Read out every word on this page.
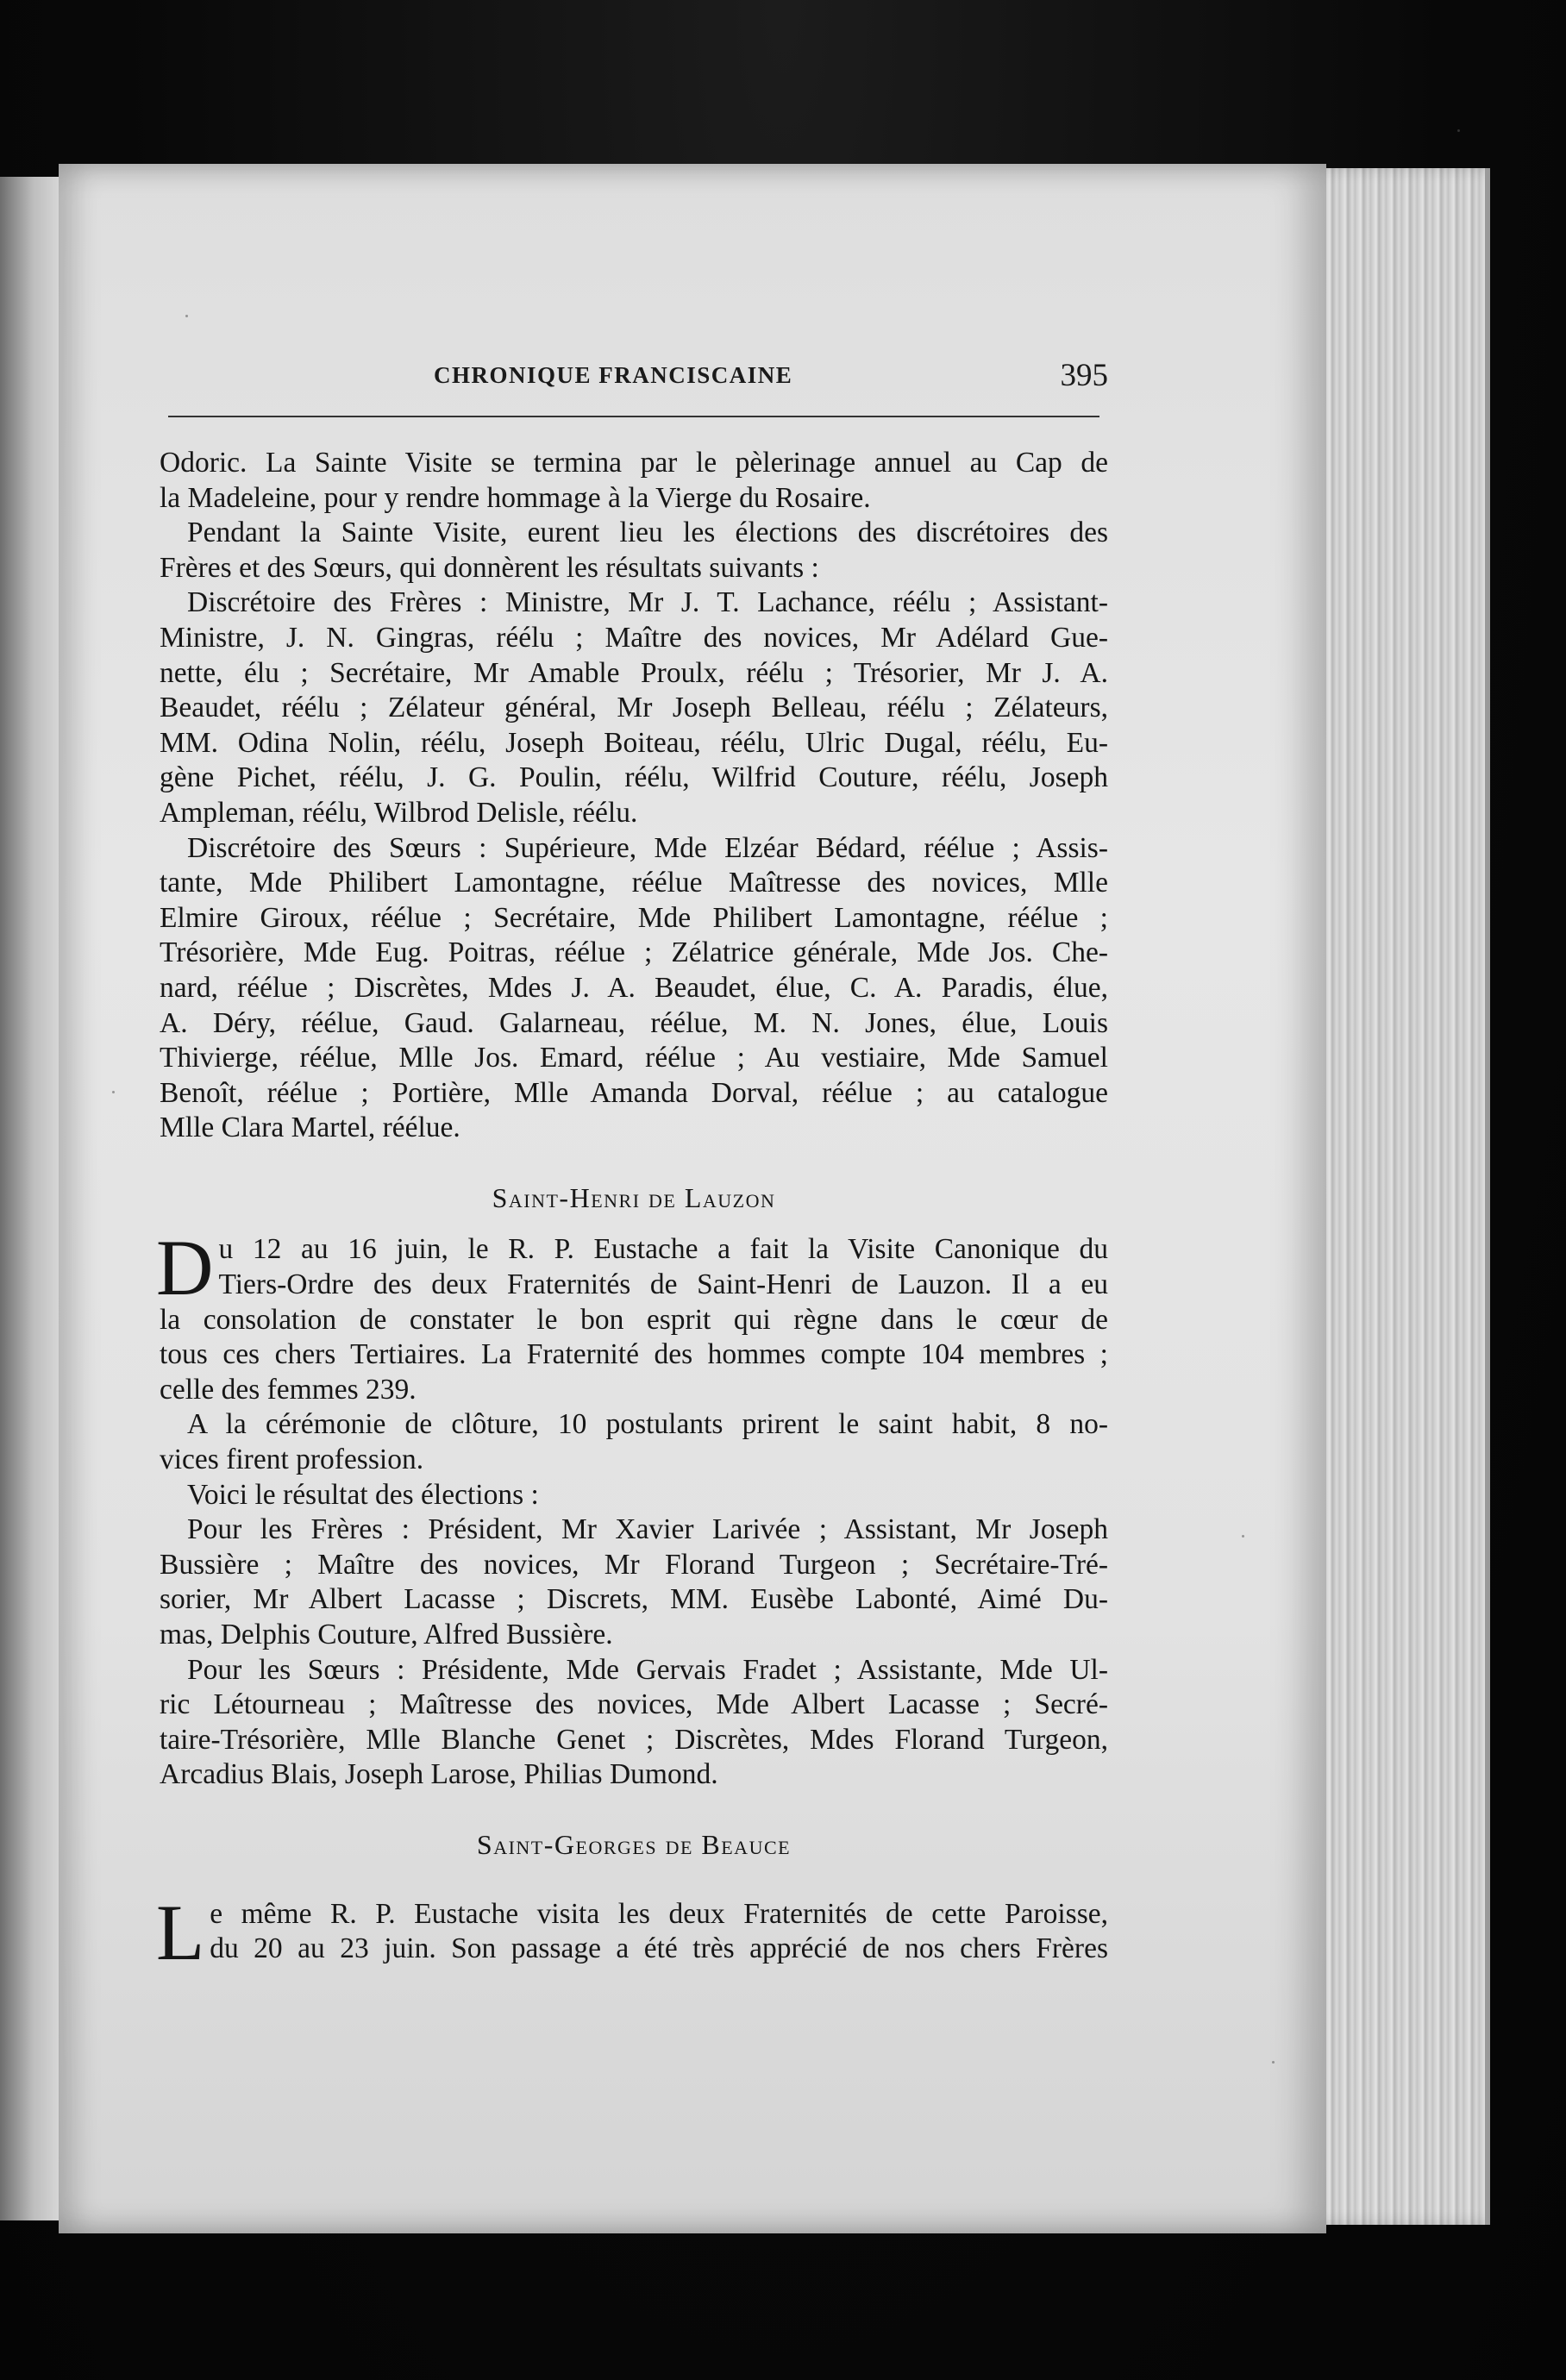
CHRONIQUE FRANCISCAINE	395

Odoric. La Sainte Visite se termina par le pèlerinage annuel au Cap de

la Madeleine, pour y rendre hommage à la Vierge du Rosaire.

Pendant la Sainte Visite, eurent lieu les élections des discrétoires des

Frères et des Sœurs, qui donnèrent les résultats suivants :

Discrétoire des Frères : Ministre, Mr J. T. Lachance, réélu ; Assistant-

Ministre, J. N. Gingras, réélu ; Maître des novices, Mr Adélard Gue-

nette, élu ; Secrétaire, Mr Amable Proulx, réélu ; Trésorier, Mr J. A.

Beaudet, réélu ; Zélateur général, Mr Joseph Belleau, réélu ; Zélateurs,

MM. Odina Nolin, réélu, Joseph Boiteau, réélu, Ulric Dugal, réélu, Eu-

gène Pichet, réélu, J. G. Poulin, réélu, Wilfrid Couture, réélu, Joseph

Ampleman, réélu, Wilbrod Delisle, réélu.

Discrétoire des Sœurs : Supérieure, Mde Elzéar Bédard, réélue ; Assis-

tante, Mde Philibert Lamontagne, réélue Maîtresse des novices, Mlle

Elmire Giroux, réélue ; Secrétaire, Mde Philibert Lamontagne, réélue ;

Trésorière, Mde Eug. Poitras, réélue ; Zélatrice générale, Mde Jos. Che-

nard, réélue ; Discrètes, Mdes J. A. Beaudet, élue, C. A. Paradis, élue,

A. Déry, réélue, Gaud. Galarneau, réélue, M. N. Jones, élue, Louis

Thivierge, réélue, Mlle Jos. Emard, réélue ; Au vestiaire, Mde Samuel

Benoît, réélue ; Portière, Mlle Amanda Dorval, réélue ; au catalogue

Mlle Clara Martel, réélue.

Saint-Henri de Lauzon

D u 12 au 16 juin, le R. P. Eustache a fait la Visite Canonique du

Tiers-Ordre des deux Fraternités de Saint-Henri de Lauzon. Il a eu

la consolation de constater le bon esprit qui règne dans le cœur de

tous ces chers Tertiaires. La Fraternité des hommes compte 104 membres ;

celle des femmes 239.

A la cérémonie de clôture, 10 postulants prirent le saint habit, 8 no-

vices firent profession.

Voici le résultat des élections :

Pour les Frères : Président, Mr Xavier Larivée ; Assistant, Mr Joseph

Bussière ; Maître des novices, Mr Florand Turgeon ; Secrétaire-Tré-

sorier, Mr Albert Lacasse ; Discrets, MM. Eusèbe Labonté, Aimé Du-

mas, Delphis Couture, Alfred Bussière.

Pour les Sœurs : Présidente, Mde Gervais Fradet ; Assistante, Mde Ul-

ric Létourneau ; Maîtresse des novices, Mde Albert Lacasse ; Secré-

taire-Trésorière, Mlle Blanche Genet ; Discrètes, Mdes Florand Turgeon,

Arcadius Blais, Joseph Larose, Philias Dumond.

Saint-Georges de Beauce

L e même R. P. Eustache visita les deux Fraternités de cette Paroisse,

du 20 au 23 juin. Son passage a été très apprécié de nos chers Frères
